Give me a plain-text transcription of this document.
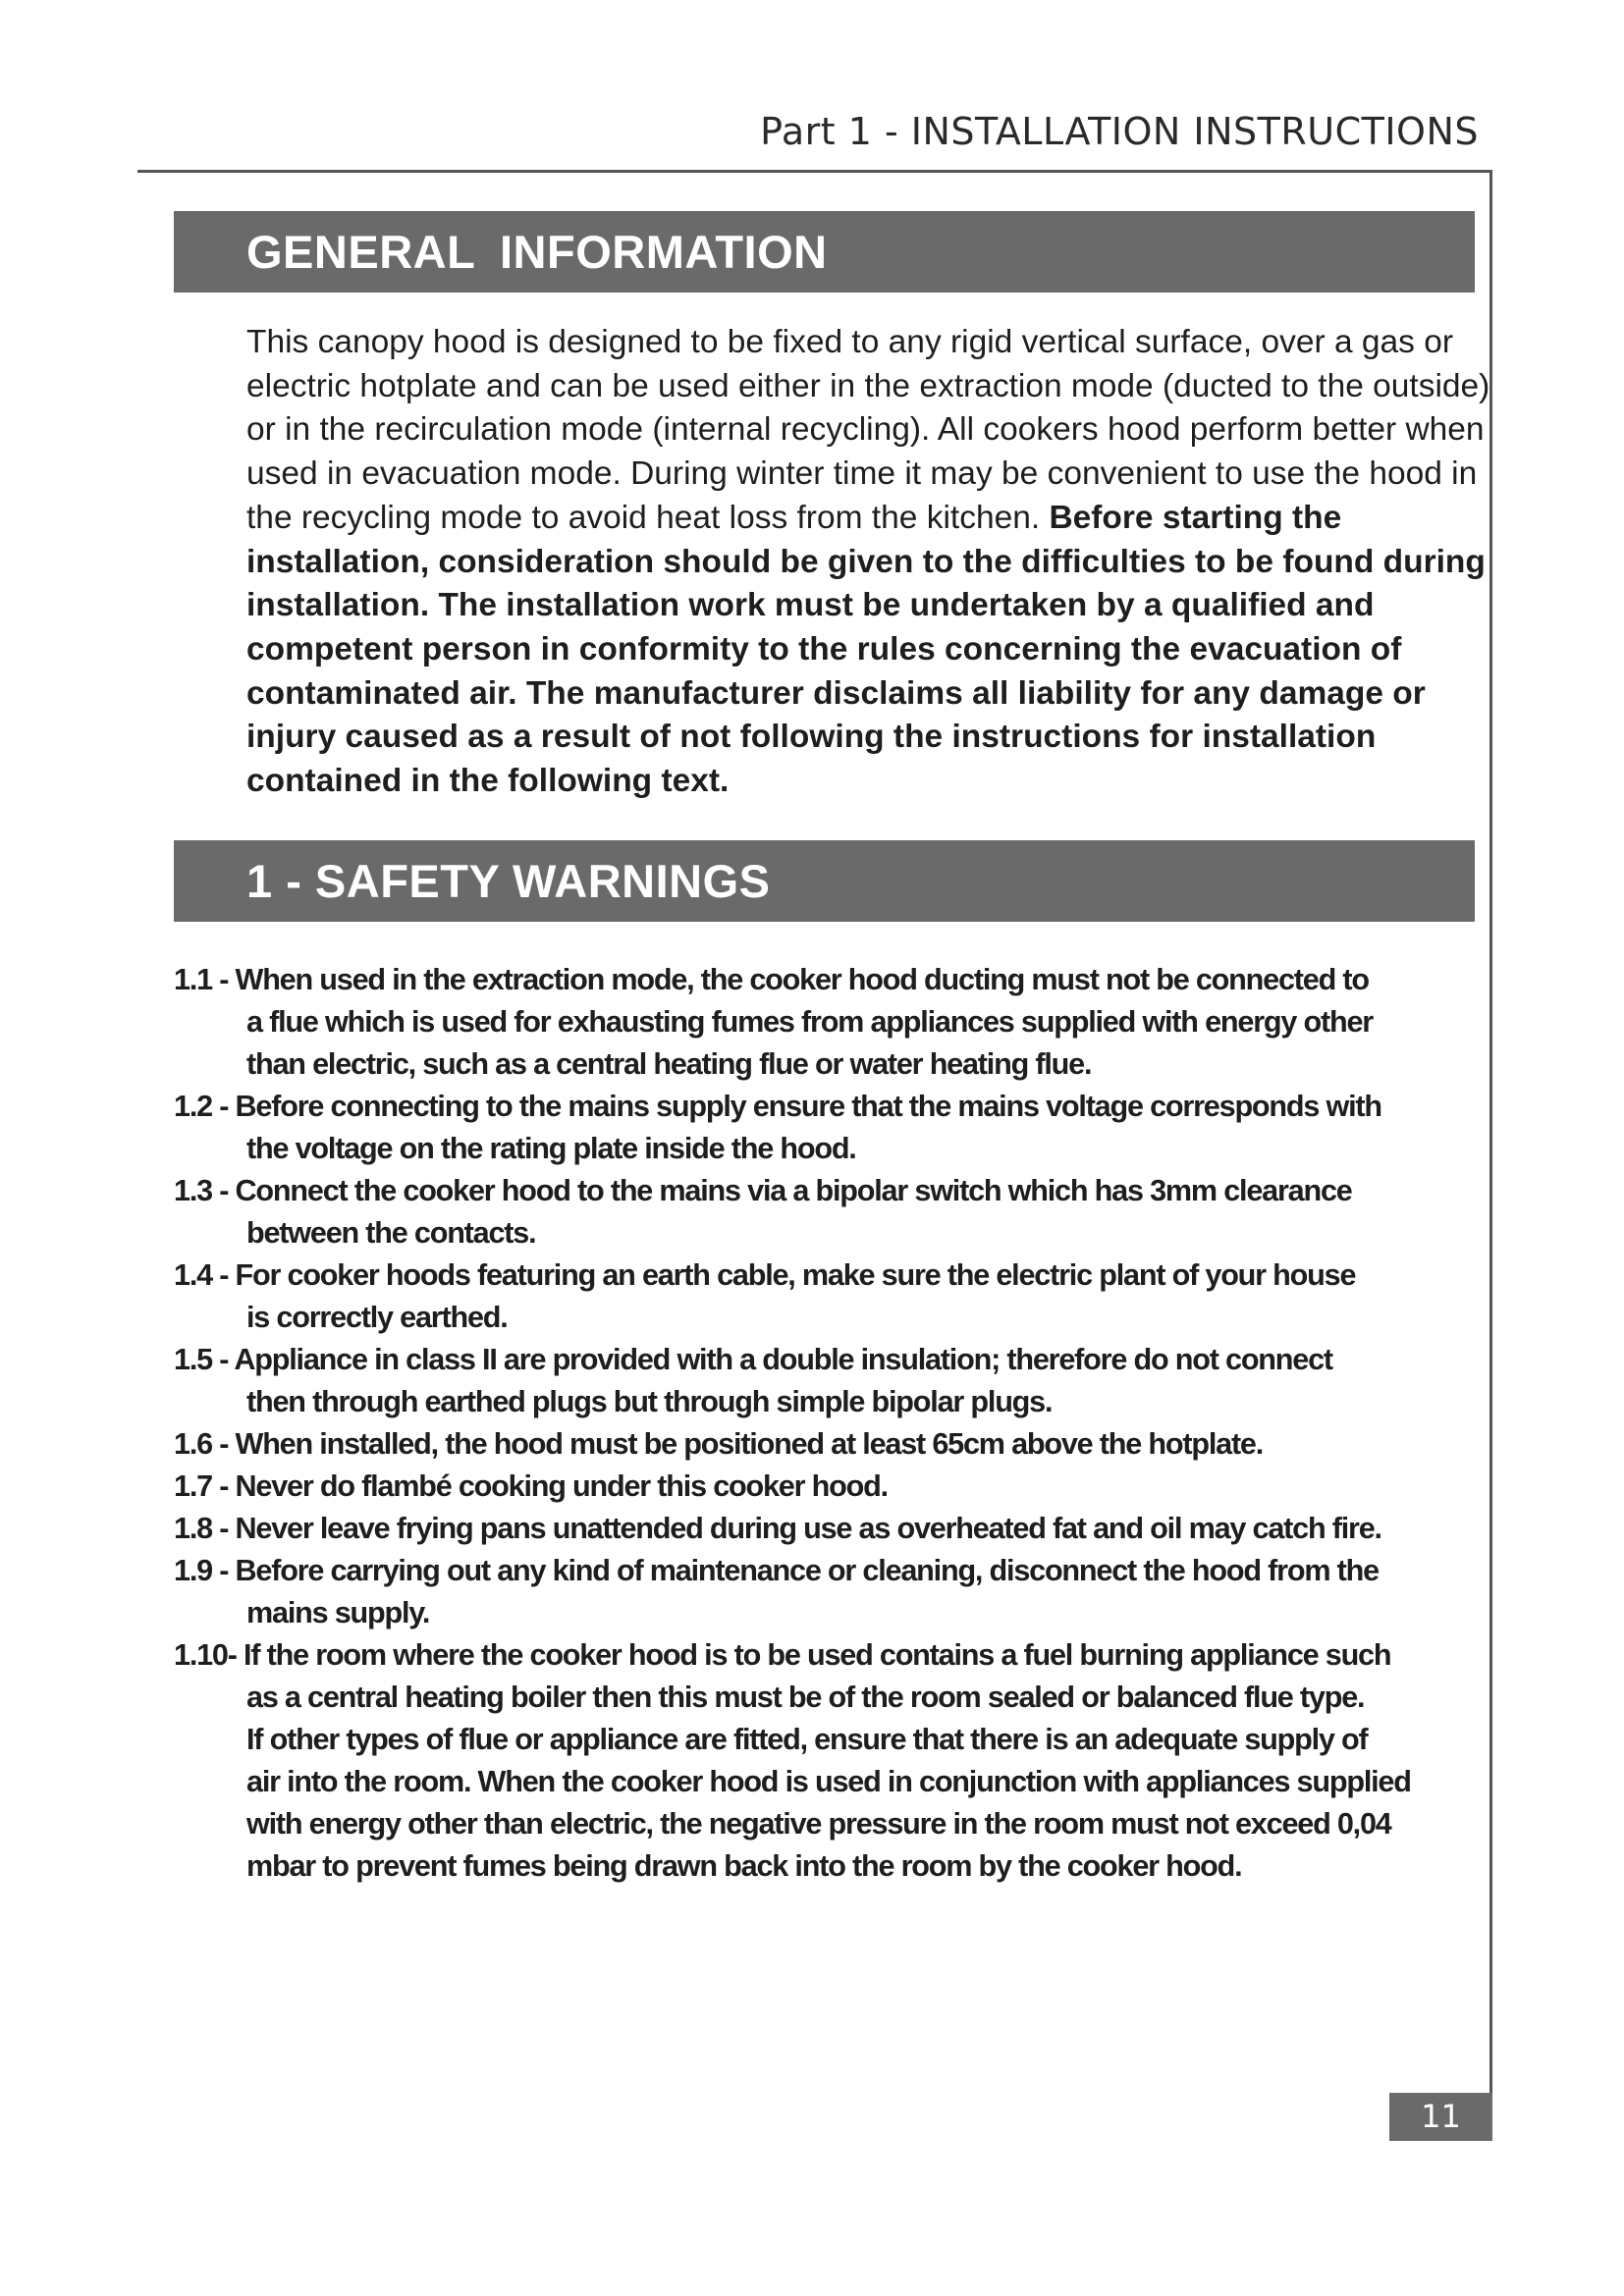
Part 1 - INSTALLATION INSTRUCTIONS
GENERAL INFORMATION
This canopy hood is designed to be fixed to any rigid vertical surface, over a gas or electric hotplate and can be used either in the extraction mode (ducted to the outside) or in the recirculation mode (internal recycling). All cookers hood perform better when used in evacuation mode. During winter time it may be convenient to use the hood in the recycling mode to avoid heat loss from the kitchen. Before starting the installation, consideration should be given to the difficulties to be found during installation. The installation work must be undertaken by a qualified and competent person in conformity to the rules concerning the evacuation of contaminated air. The manufacturer disclaims all liability for any damage or injury caused as a result of not following the instructions for installation contained in the following text.
1 - SAFETY WARNINGS
1.1 - When used in the extraction mode, the cooker hood ducting must not be connected to
a flue which is used for exhausting fumes from appliances supplied with energy other
than electric, such as a central heating flue or water heating flue.
1.2 - Before connecting to the mains supply ensure that the mains voltage corresponds with
the voltage on the rating plate inside the hood.
1.3 - Connect the cooker hood to the mains via a bipolar switch which has 3mm clearance
between the contacts.
1.4 - For cooker hoods featuring an earth cable, make sure the electric plant of your house
is correctly earthed.
1.5 - Appliance in class II are provided with a double insulation; therefore do not connect
then through earthed plugs but through simple bipolar plugs.
1.6 - When installed, the hood must be positioned at least 65cm above the hotplate.
1.7 - Never do flambé cooking under this cooker hood.
1.8 - Never leave frying pans unattended during use as overheated fat and oil may catch fire.
1.9 - Before carrying out any kind of maintenance or cleaning, disconnect the hood from the
mains supply.
1.10- If the room where the cooker hood is to be used contains a fuel burning appliance such
as a central heating boiler then this must be of the room sealed or balanced flue type.
If other types of flue or appliance are fitted, ensure that there is an adequate supply of
air into the room. When the cooker hood is used in conjunction with appliances supplied
with energy other than electric, the negative pressure in the room must not exceed 0,04
mbar to prevent fumes being drawn back into the room by the cooker hood.
11
